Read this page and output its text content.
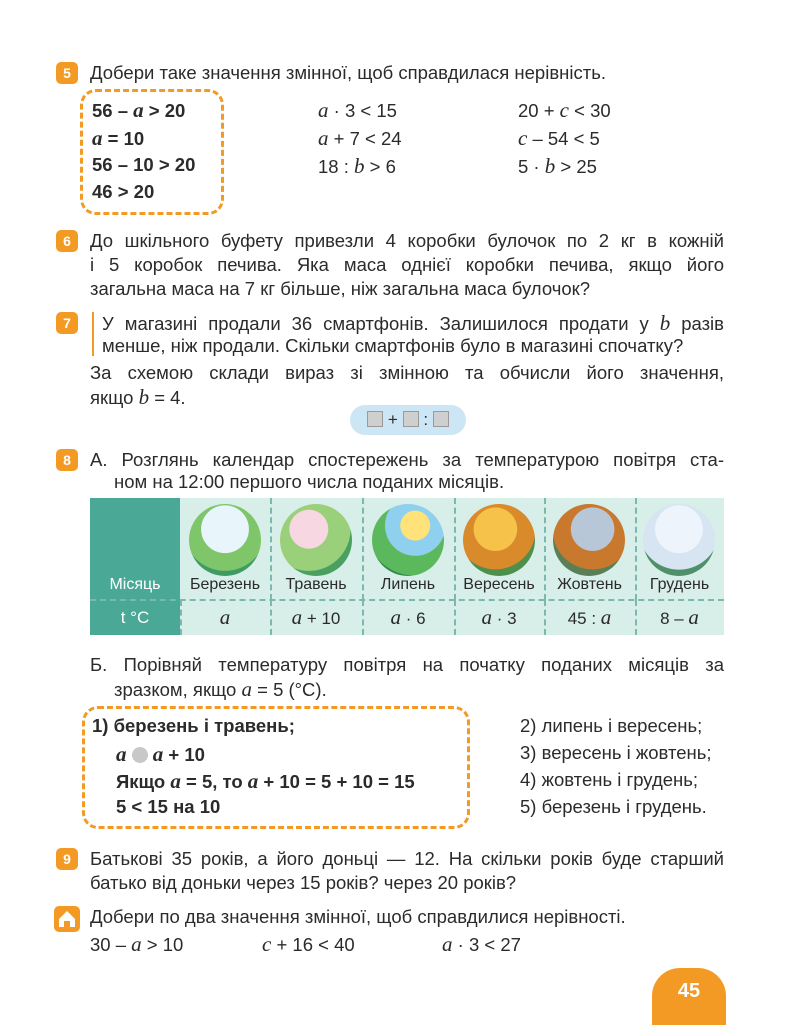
5	Добери таке значення змінної, щоб справдилася нерівність.
56 – a > 20
a = 10
56 – 10 > 20
46 > 20
a · 3 < 15
a + 7 < 24
18 : b > 6
20 + c < 30
c – 54 < 5
5 · b > 25
6	До шкільного буфету привезли 4 коробки булочок по 2 кг в кожній
і 5 коробок печива. Яка маса однієї коробки печива, якщо його
загальна маса на 7 кг більше, ніж загальна маса булочок?
7	У магазині продали 36 смартфонів. Залишилося продати у b разів
менше, ніж продали. Скільки смартфонів було в магазині спочатку?
За схемою склади вираз зі змінною та обчисли його значення,
якщо b = 4.
+ :
8	А. Розглянь календар спостережень за температурою повітря ста-
ном на 12:00 першого числа поданих місяців.
Місяць
t °C
Березень	Травень	Липень	Вересень	Жовтень	Грудень
a	a + 10	a · 6	a · 3	45 : a	8 – a
Б. Порівняй температуру повітря на початку поданих місяців за
зразком, якщо a = 5 (°С).
1) березень і травень;
a a + 10
Якщо a = 5, то a + 10 = 5 + 10 = 15
5 < 15 на 10
2) липень і вересень;
3) вересень і жовтень;
4) жовтень і грудень;
5) березень і грудень.
9	Батькові 35 років, а його доньці — 12. На скільки років буде старший
батько від доньки через 15 років? через 20 років?
Добери по два значення змінної, щоб справдилися нерівності.
30 – a > 10	c + 16 < 40	a · 3 < 27
45
